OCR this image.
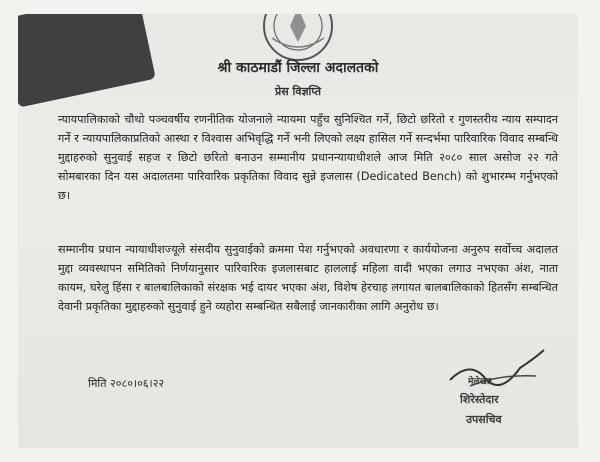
श्री काठमाडौं जिल्ला अदालतको
प्रेस विज्ञप्ति
न्यायपालिकाको चौथो पञ्चवर्षीय रणनीतिक योजनाले न्यायमा पहुँच सुनिश्चित गर्ने, छिटो छरितो र गुणस्तरीय न्याय सम्पादन गर्ने र न्यायपालिकाप्रतिको आस्था र विश्वास अभिवृद्धि गर्ने भनी लिएको लक्ष्य हासिल गर्ने सन्दर्भमा पारिवारिक विवाद सम्बन्धि मुद्दाहरुको सुनुवाई सहज र छिटो छरितो बनाउन सम्मानीय प्रधानन्यायाधीशले आज मिति २०८० साल असोज २२ गते सोमबारका दिन यस अदालतमा पारिवारिक प्रकृतिका विवाद सुन्ने इजलास (Dedicated Bench) को शुभारम्भ गर्नुभएको छ।
सम्मानीय प्रधान न्यायाधीशज्यूले संसदीय सुनुवाईको क्रममा पेश गर्नुभएको अवधारणा र कार्ययोजना अनुरुप सर्वोच्च अदालत मुद्दा व्यवस्थापन समितिको निर्णयानुसार पारिवारिक इजलासबाट हाललाई महिला वादी भएका लगाउ नभएका अंश, नाता कायम, घरेलु हिंसा र बालबालिकाको संरक्षक भई दायर भएका अंश, विशेष हेरचाह लगायत बालबालिकाको हितसँग सम्बन्धित देवानी प्रकृतिका मुद्दाहरुको सुनुवाई हुने व्यहोरा सम्बन्धित सबैलाई जानकारीका लागि अनुरोध छ।
मिति २०८०।०६।२२	मेलेखत
शिरेस्तेदार
उपसचिव
